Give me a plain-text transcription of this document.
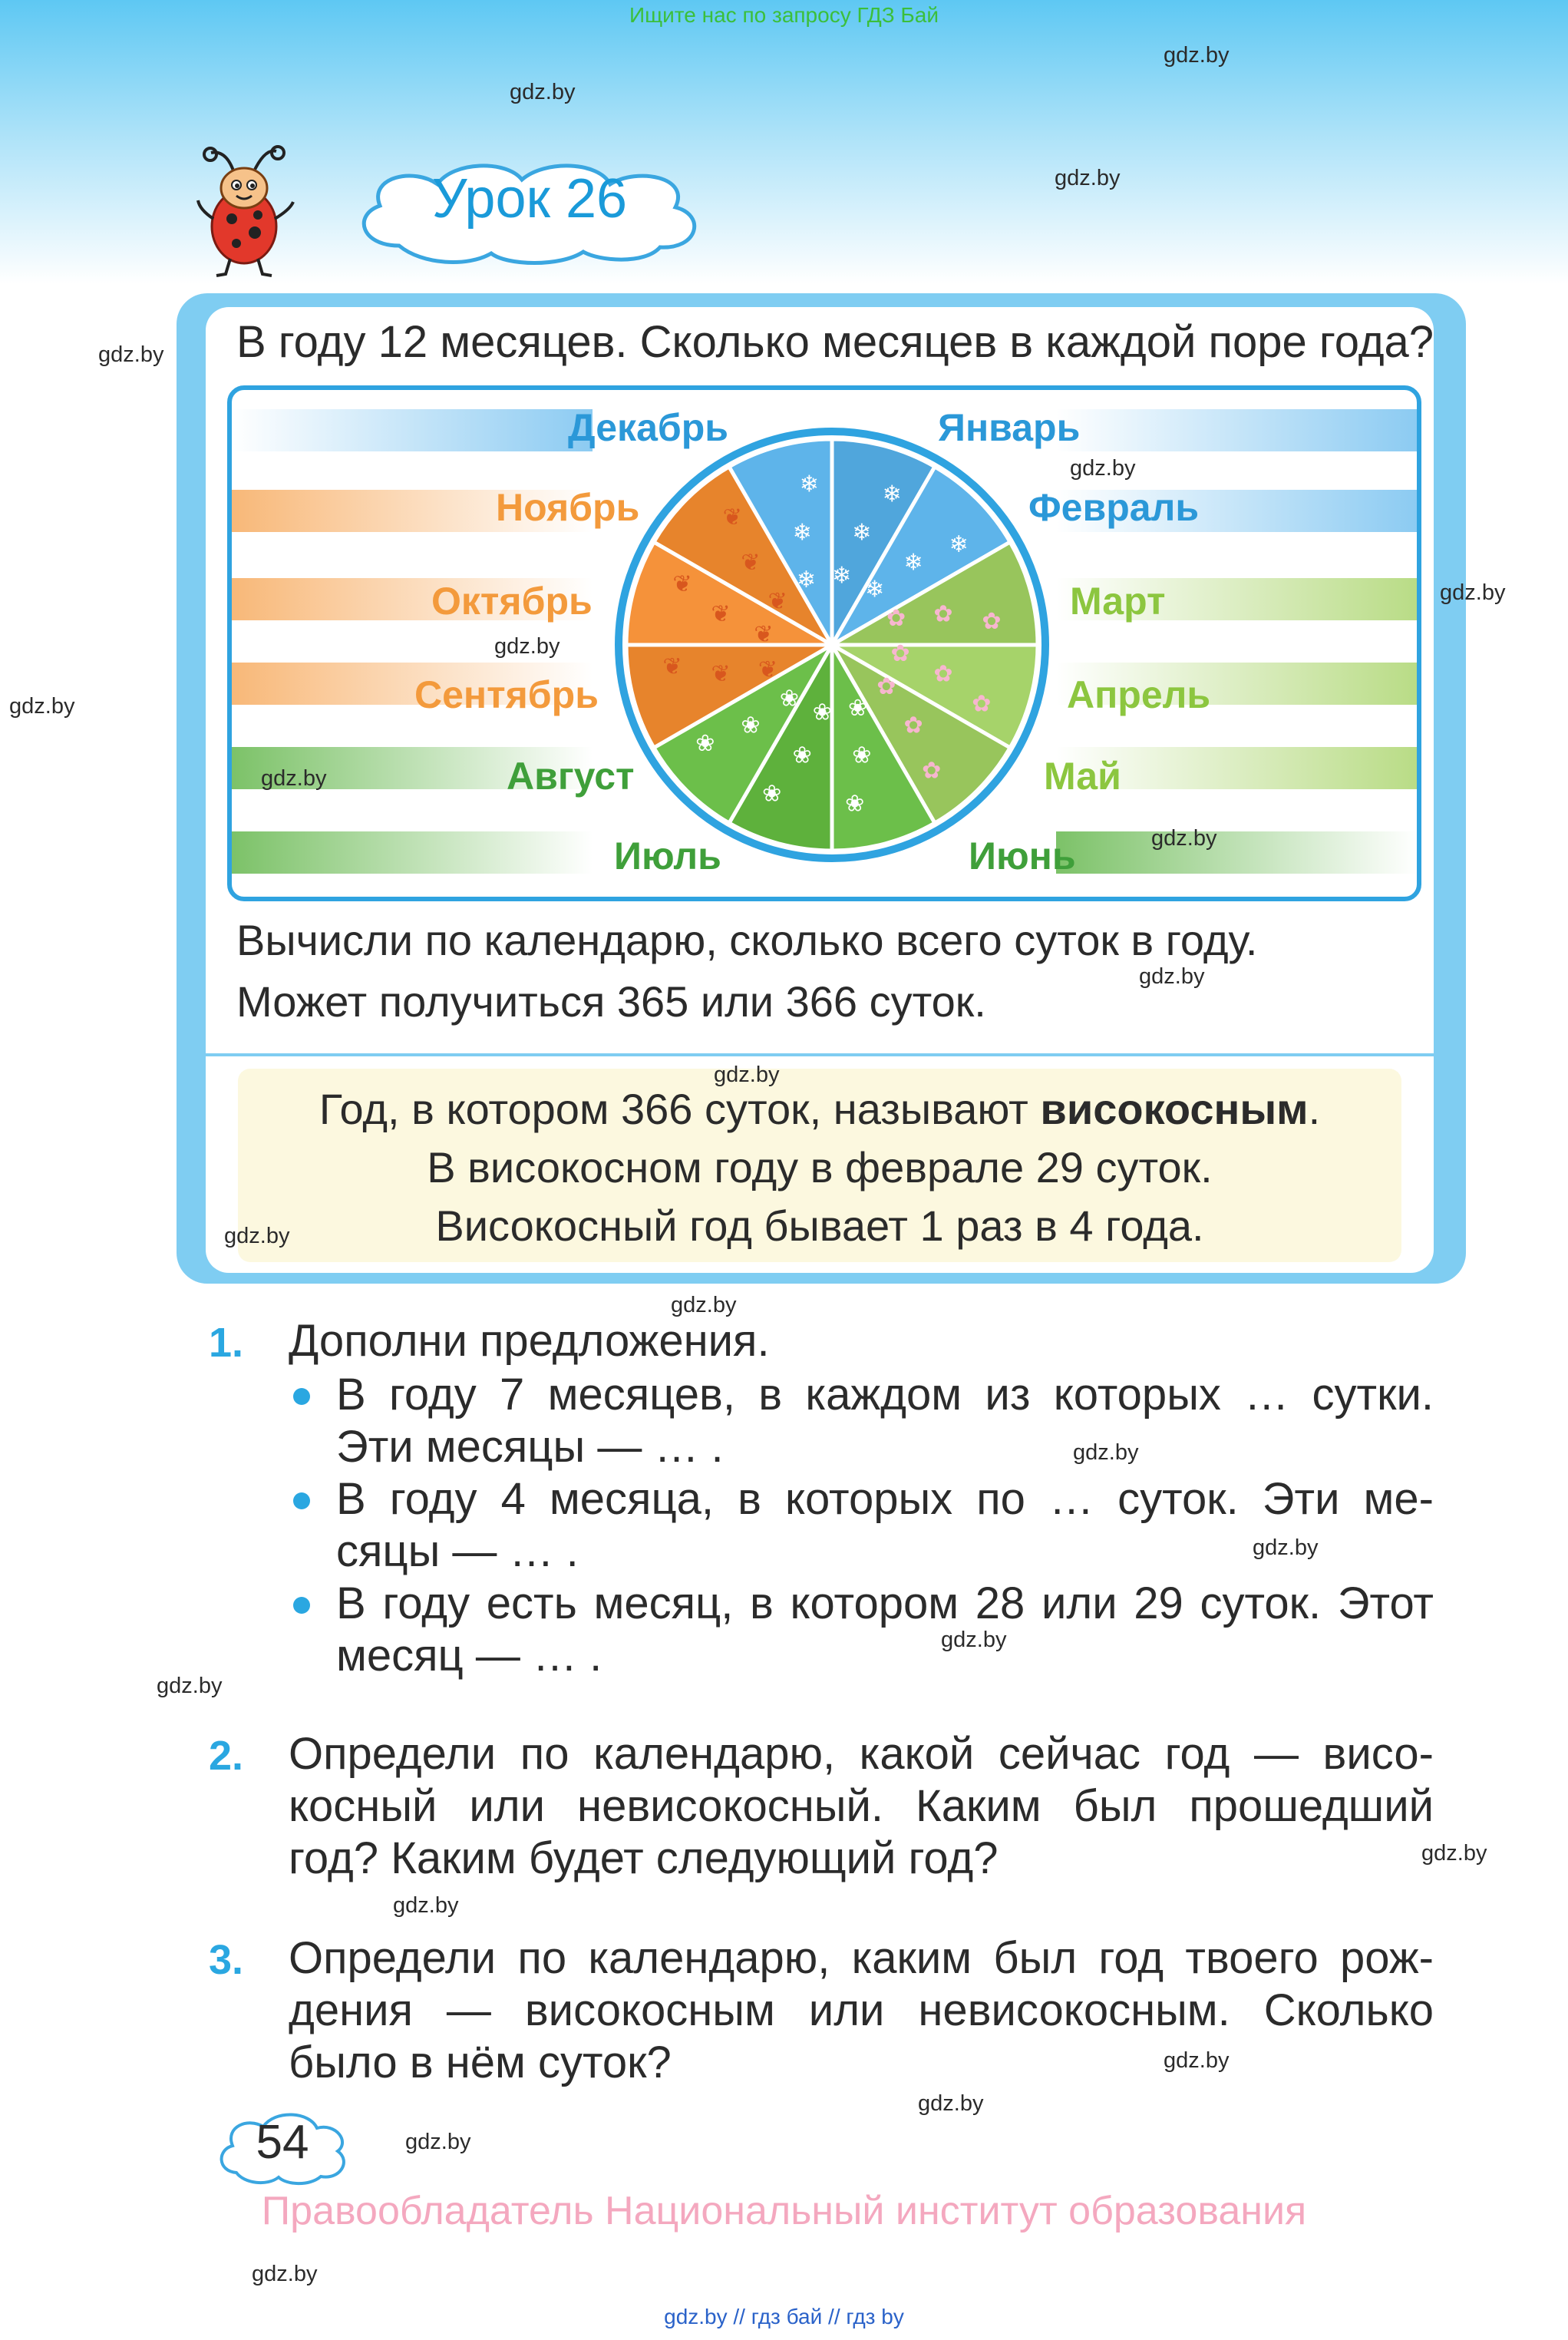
Ищите нас по запросу ГДЗ Бай
Урок 26
В году 12 месяцев. Сколько месяцев в каждой поре года?
❄
❄
❄
❄
❄
❄
✿ ✿ ✿
✿
✿
✿
✿
✿
✿
❀
❀
❀
❀
❀
❀
❀
❀
❀
❦
❦
❦
❦
❦
❦
❦
❦
❦
❄
❄
❄
Декабрь	Январь
Ноябрь	Февраль
Октябрь	Март
Сентябрь	Апрель
Август	Май
Июль	Июнь
Вычисли по календарю, сколько всего суток в году.
Может получиться 365 или 366 суток.
Год, в котором 366 суток, называют високосным.
В високосном году в феврале 29 суток.
Високосный год бывает 1 раз в 4 года.
1. Дополни предложения.
В году 7 месяцев, в каждом из которых … сутки.
Эти месяцы — … .
В году 4 месяца, в которых по … суток. Эти ме-
сяцы — … .
В году есть месяц, в котором 28 или 29 суток. Этот
месяц — … .
2. Определи по календарю, какой сейчас год — висо-
косный или невисокосный. Каким был прошедший
год? Каким будет следующий год?
3. Определи по календарю, каким был год твоего рож-
дения — високосным или невисокосным. Сколько
было в нём суток?
54
Правообладатель Национальный институт образования
gdz.by // гдз бай // гдз by
gdz.by
gdz.by
gdz.by
gdz.by
gdz.by
gdz.by
gdz.by
gdz.by
gdz.by
gdz.by
gdz.by
gdz.by
gdz.by
gdz.by
gdz.by
gdz.by
gdz.by
gdz.by
gdz.by
gdz.by
gdz.by
gdz.by
gdz.by
gdz.by
